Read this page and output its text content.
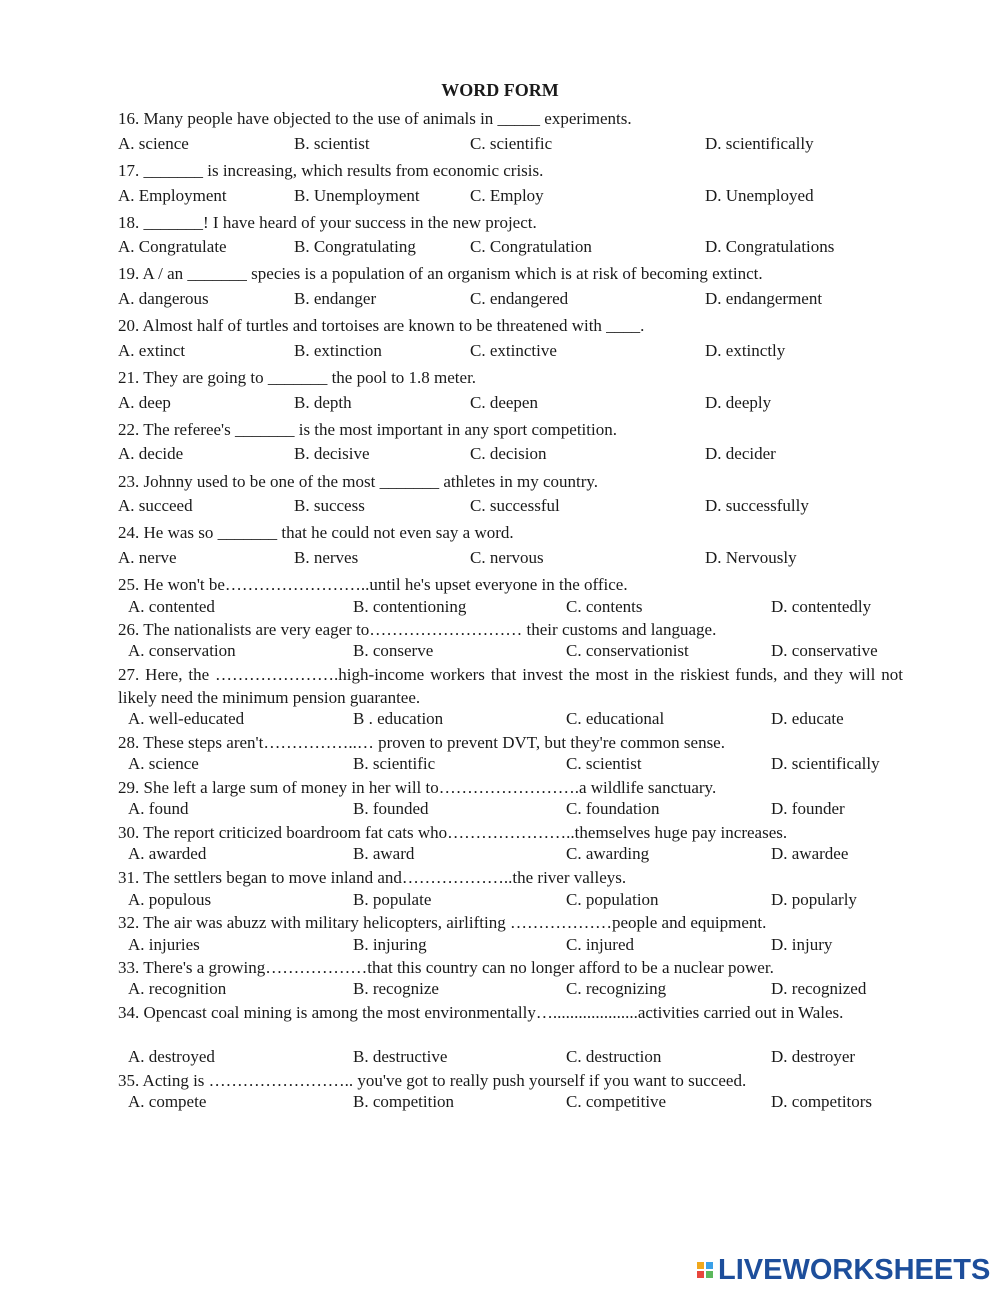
WORD FORM
16. Many people have objected to the use of animals in _____ experiments.
A. science	B. scientist	C. scientific	D. scientifically
17. _______ is increasing, which results from economic crisis.
A. Employment	B. Unemployment	C. Employ	D. Unemployed
18. _______! I have heard of your success in the new project.
A. Congratulate	B. Congratulating	C. Congratulation	D. Congratulations
19. A / an _______ species is a population of an organism which is at risk of becoming extinct.
A. dangerous	B. endanger	C. endangered	D. endangerment
20. Almost half of turtles and tortoises are known to be threatened with ____.
A. extinct	B. extinction	C. extinctive	D. extinctly
21. They are going to _______ the pool to 1.8 meter.
A. deep	B. depth	C. deepen	D. deeply
22. The referee's _______ is the most important in any sport competition.
A. decide	B. decisive	C. decision	D. decider
23. Johnny used to be one of the most _______ athletes in my country.
A. succeed	B. success	C. successful	D. successfully
24. He was so _______ that he could not even say a word.
A. nerve	B. nerves	C. nervous	D. Nervously
25. He won't be……………………..until he's upset everyone in the office.
A. contented	B. contentioning	C. contents	D. contentedly
26. The nationalists are very eager to……………………… their customs and language.
A. conservation	B. conserve	C. conservationist	D. conservative
27. Here, the ………………….high-income workers that invest the most in the riskiest funds, and they will not likely need the minimum pension guarantee.
A. well-educated	B . education	C. educational	D. educate
28. These steps aren't……………..… proven to prevent DVT, but they're common sense.
A. science	B. scientific	C. scientist	D. scientifically
29. She left a large sum of money in her will to…………………….a wildlife sanctuary.
A. found	B. founded	C. foundation	D. founder
30. The report criticized boardroom fat cats who…………………..themselves huge pay increases.
A. awarded	B. award	C. awarding	D. awardee
31. The settlers began to move inland and………………..the river valleys.
A. populous	B. populate	C. population	D. popularly
32. The air was abuzz with military helicopters, airlifting ………………people and equipment.
A. injuries	B. injuring	C. injured	D. injury
33. There's a growing………………that this country can no longer afford to be a nuclear power.
A. recognition	B. recognize	C. recognizing	D. recognized
34. Opencast coal mining is among the most environmentally…....................activities carried out in Wales.
A. destroyed	B. destructive	C. destruction	D. destroyer
35. Acting is …………………….. you've got to really push yourself if you want to succeed.
A. compete	B. competition	C. competitive	D. competitors
LIVEWORKSHEETS
